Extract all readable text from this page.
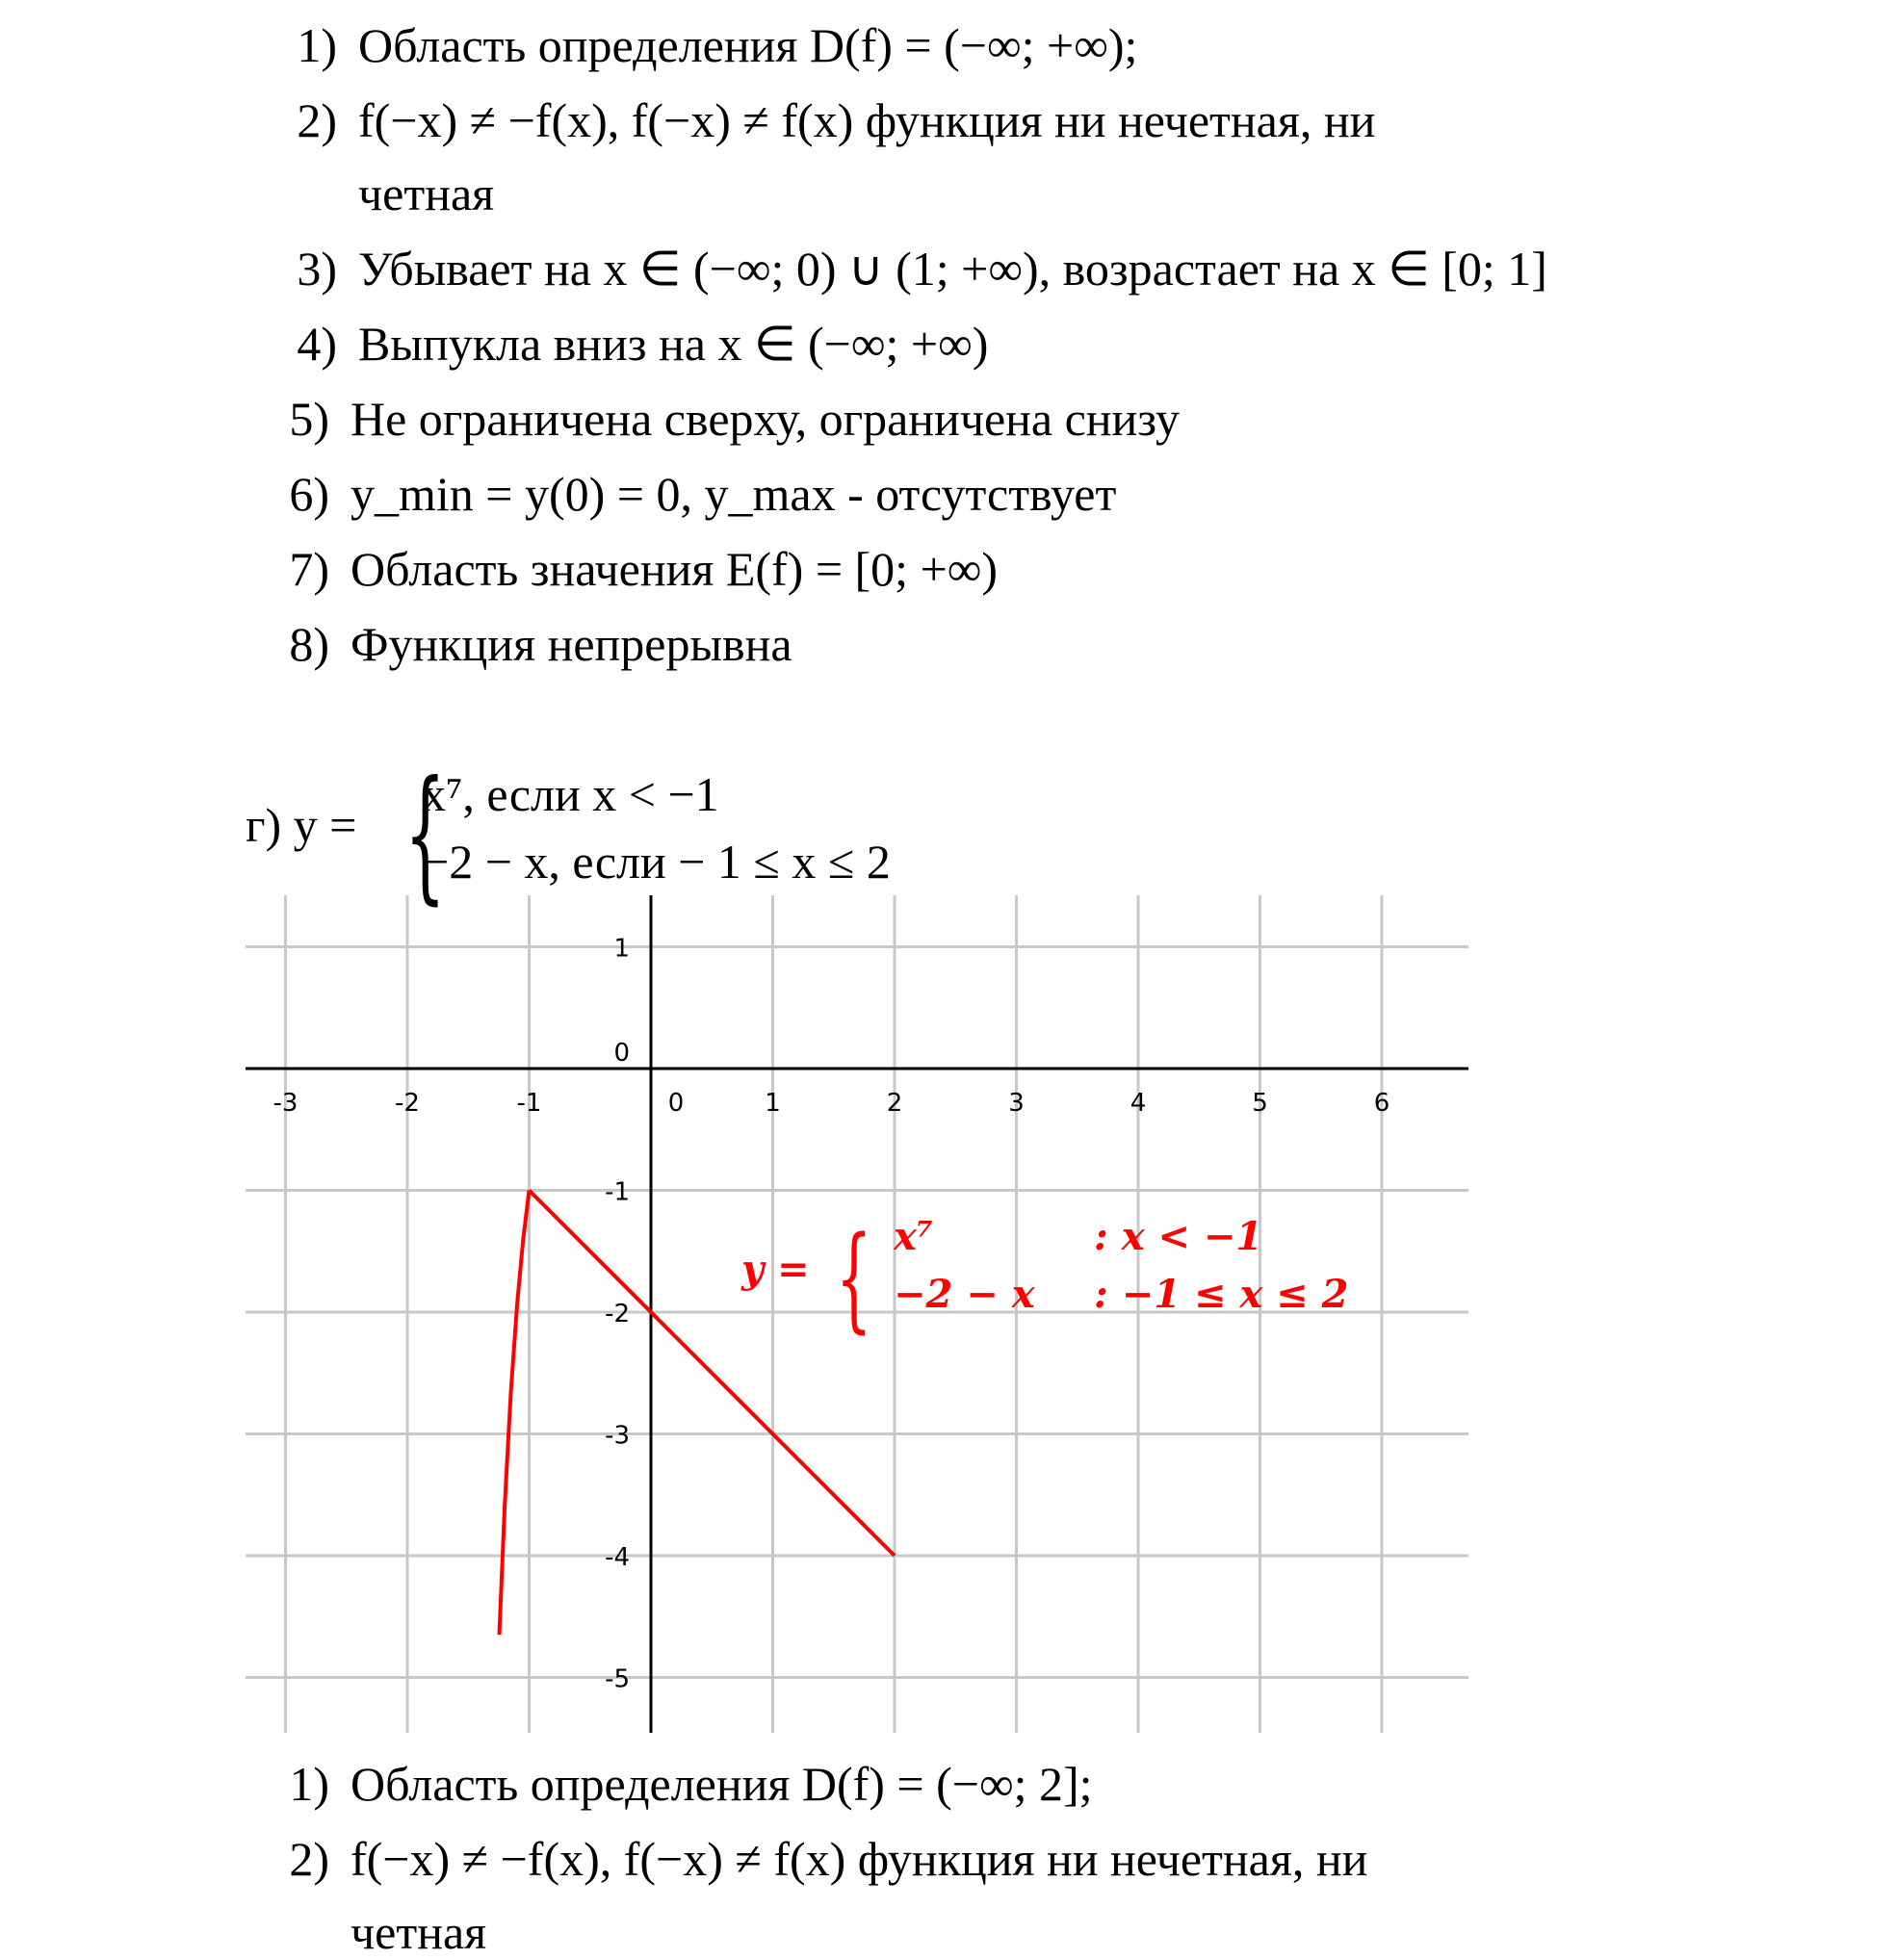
1) Область определения D(f) = (−∞; +∞);
2) f(−x) ≠ −f(x), f(−x) ≠ f(x) функция ни нечетная, ни
четная
3) Убывает на x ∈ (−∞; 0) ∪ (1; +∞), возрастает на x ∈ [0; 1]
4) Выпукла вниз на x ∈ (−∞; +∞)
5) Не ограничена сверху, ограничена снизу
6) y_min = y(0) = 0, y_max - отсутствует
7) Область значения E(f) = [0; +∞)
8) Функция непрерывна
г) y = {
x⁷, если x < −1
−2 − x, если − 1 ≤ x ≤ 2
-3	-2	-1	0	1	2	3	4	5	6
1
0
-1
-2
-3
-4
-5
y = { x⁷	: x < −1
−2 − x : −1 ≤ x ≤ 2
1) Область определения D(f) = (−∞; 2];
2) f(−x) ≠ −f(x), f(−x) ≠ f(x) функция ни нечетная, ни
четная
